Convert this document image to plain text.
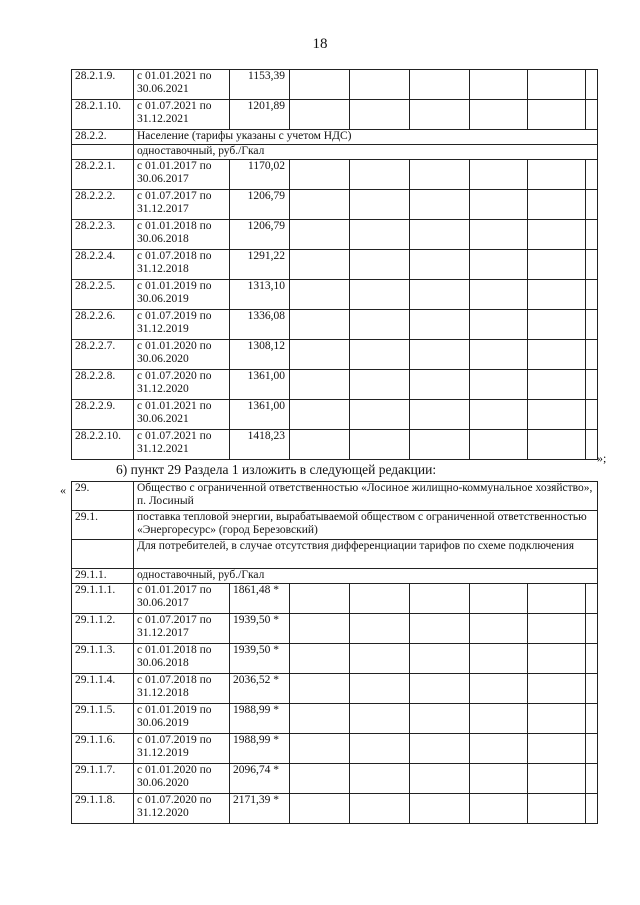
18
28.2.1.9.	с 01.01.2021 по 30.06.2021	1153,39						
28.2.1.10.	с 01.07.2021 по 31.12.2021	1201,89						
28.2.2.	Население (тарифы указаны с учетом НДС)							
	одноставочный, руб./Гкал							
28.2.2.1.	с 01.01.2017 по 30.06.2017	1170,02						
28.2.2.2.	с 01.07.2017 по 31.12.2017	1206,79						
28.2.2.3.	с 01.01.2018 по 30.06.2018	1206,79						
28.2.2.4.	с 01.07.2018 по 31.12.2018	1291,22						
28.2.2.5.	с 01.01.2019 по 30.06.2019	1313,10						
28.2.2.6.	с 01.07.2019 по 31.12.2019	1336,08						
28.2.2.7.	с 01.01.2020 по 30.06.2020	1308,12						
28.2.2.8.	с 01.07.2020 по 31.12.2020	1361,00						
28.2.2.9.	с 01.01.2021 по 30.06.2021	1361,00						
28.2.2.10.	с 01.07.2021 по 31.12.2021	1418,23						
»;
6) пункт 29 Раздела 1 изложить в следующей редакции:
« 29.	Общество с ограниченной ответственностью «Лосиное жилищно-коммунальное хозяйство», п. Лосиный							
29.1.	поставка тепловой энергии, вырабатываемой обществом с ограниченной ответственностью «Энергоресурс» (город Березовский)							
	Для потребителей, в случае отсутствия дифференциации тарифов по схеме подключения							
29.1.1.	одноставочный, руб./Гкал							
29.1.1.1.	с 01.01.2017 по 30.06.2017	1861,48 *						
29.1.1.2.	с 01.07.2017 по 31.12.2017	1939,50 *						
29.1.1.3.	с 01.01.2018 по 30.06.2018	1939,50 *						
29.1.1.4.	с 01.07.2018 по 31.12.2018	2036,52 *						
29.1.1.5.	с 01.01.2019 по 30.06.2019	1988,99 *						
29.1.1.6.	с 01.07.2019 по 31.12.2019	1988,99 *						
29.1.1.7.	с 01.01.2020 по 30.06.2020	2096,74 *						
29.1.1.8.	с 01.07.2020 по 31.12.2020	2171,39 *						
